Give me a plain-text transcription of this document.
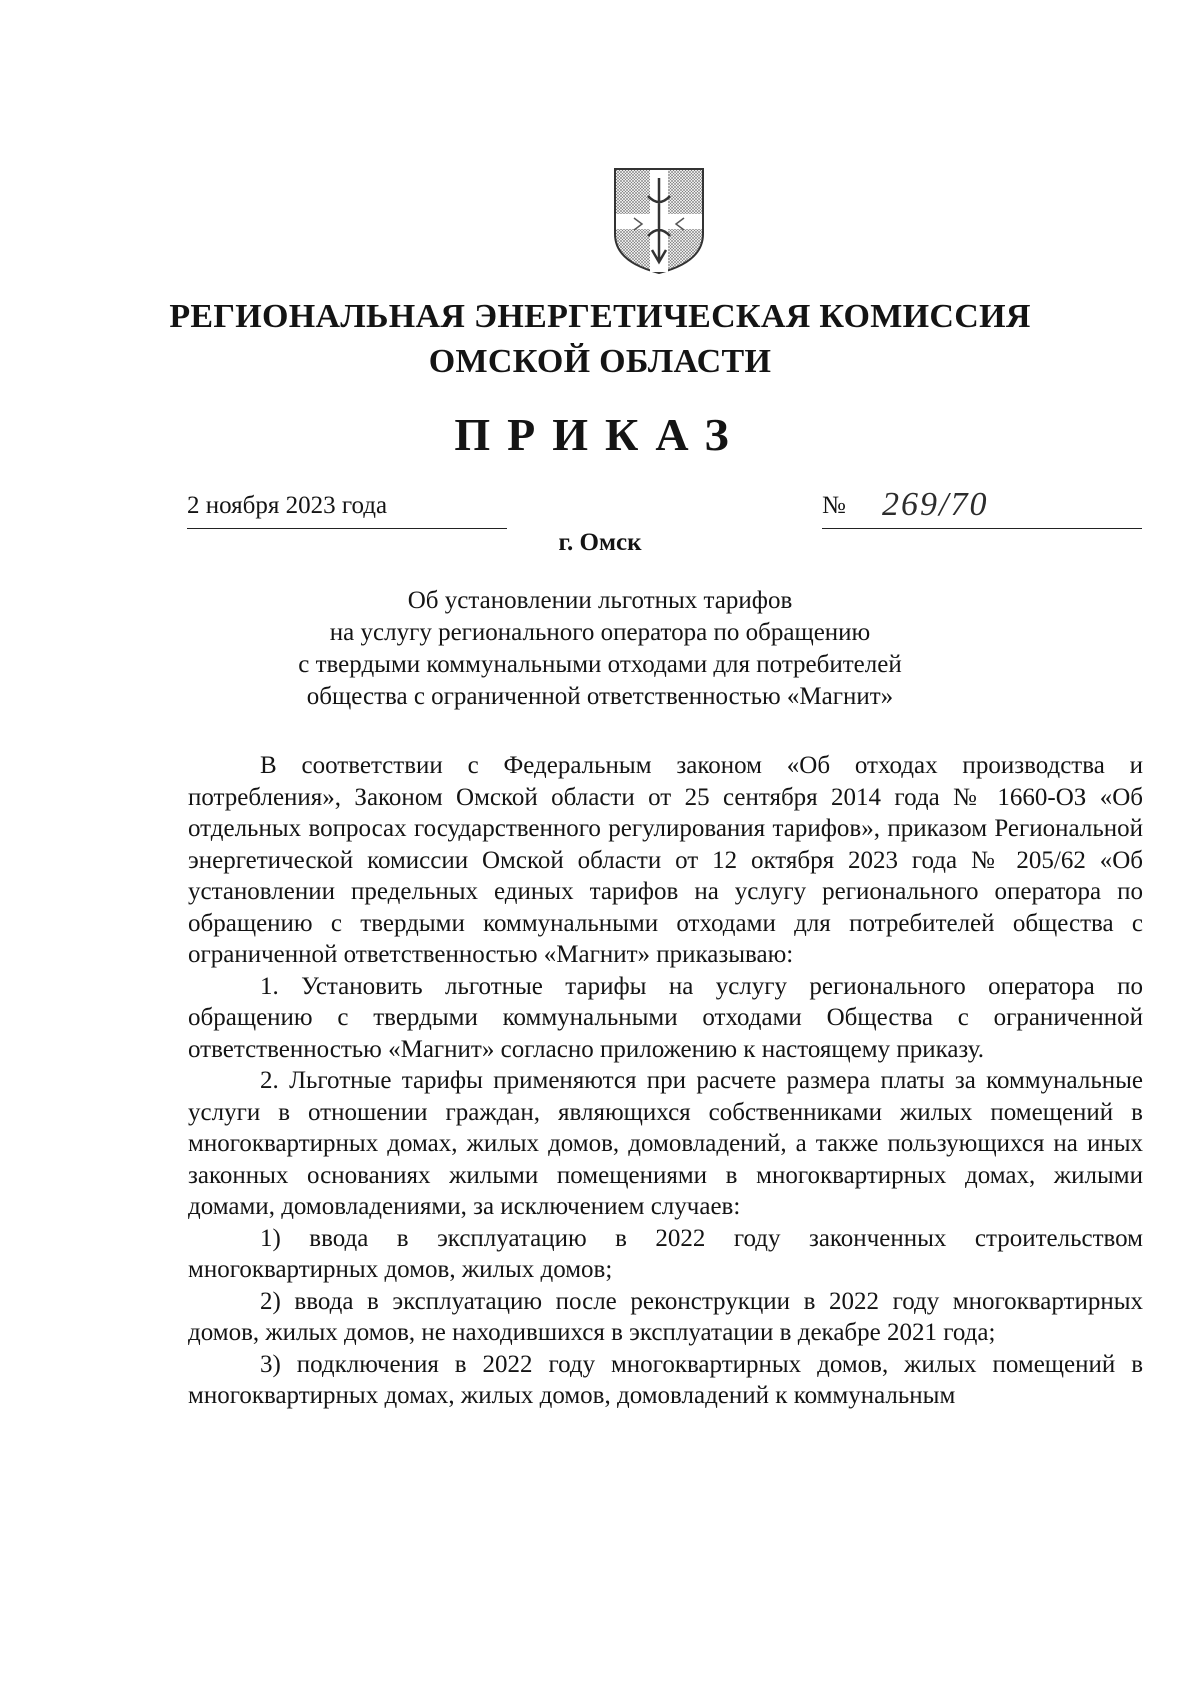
РЕГИОНАЛЬНАЯ ЭНЕРГЕТИЧЕСКАЯ КОМИССИЯ
ОМСКОЙ ОБЛАСТИ
ПРИКАЗ
2 ноября 2023 года	№ 269/70
г. Омск
Об установлении льготных тарифов
на услугу регионального оператора по обращению
с твердыми коммунальными отходами для потребителей
общества с ограниченной ответственностью «Магнит»

В соответствии с Федеральным законом «Об отходах производства и потребления», Законом Омской области от 25 сентября 2014 года № 1660-ОЗ «Об отдельных вопросах государственного регулирования тарифов», приказом Региональной энергетической комиссии Омской области от 12 октября 2023 года № 205/62 «Об установлении предельных единых тарифов на услугу регионального оператора по обращению с твердыми коммунальными отходами для потребителей общества с ограниченной ответственностью «Магнит» приказываю:

1. Установить льготные тарифы на услугу регионального оператора по обращению с твердыми коммунальными отходами Общества с ограниченной ответственностью «Магнит» согласно приложению к настоящему приказу.

2. Льготные тарифы применяются при расчете размера платы за коммунальные услуги в отношении граждан, являющихся собственниками жилых помещений в многоквартирных домах, жилых домов, домовладений, а также пользующихся на иных законных основаниях жилыми помещениями в многоквартирных домах, жилыми домами, домовладениями, за исключением случаев:

1) ввода в эксплуатацию в 2022 году законченных строительством многоквартирных домов, жилых домов;

2) ввода в эксплуатацию после реконструкции в 2022 году многоквартирных домов, жилых домов, не находившихся в эксплуатации в декабре 2021 года;

3) подключения в 2022 году многоквартирных домов, жилых помещений в многоквартирных домах, жилых домов, домовладений к коммунальным
